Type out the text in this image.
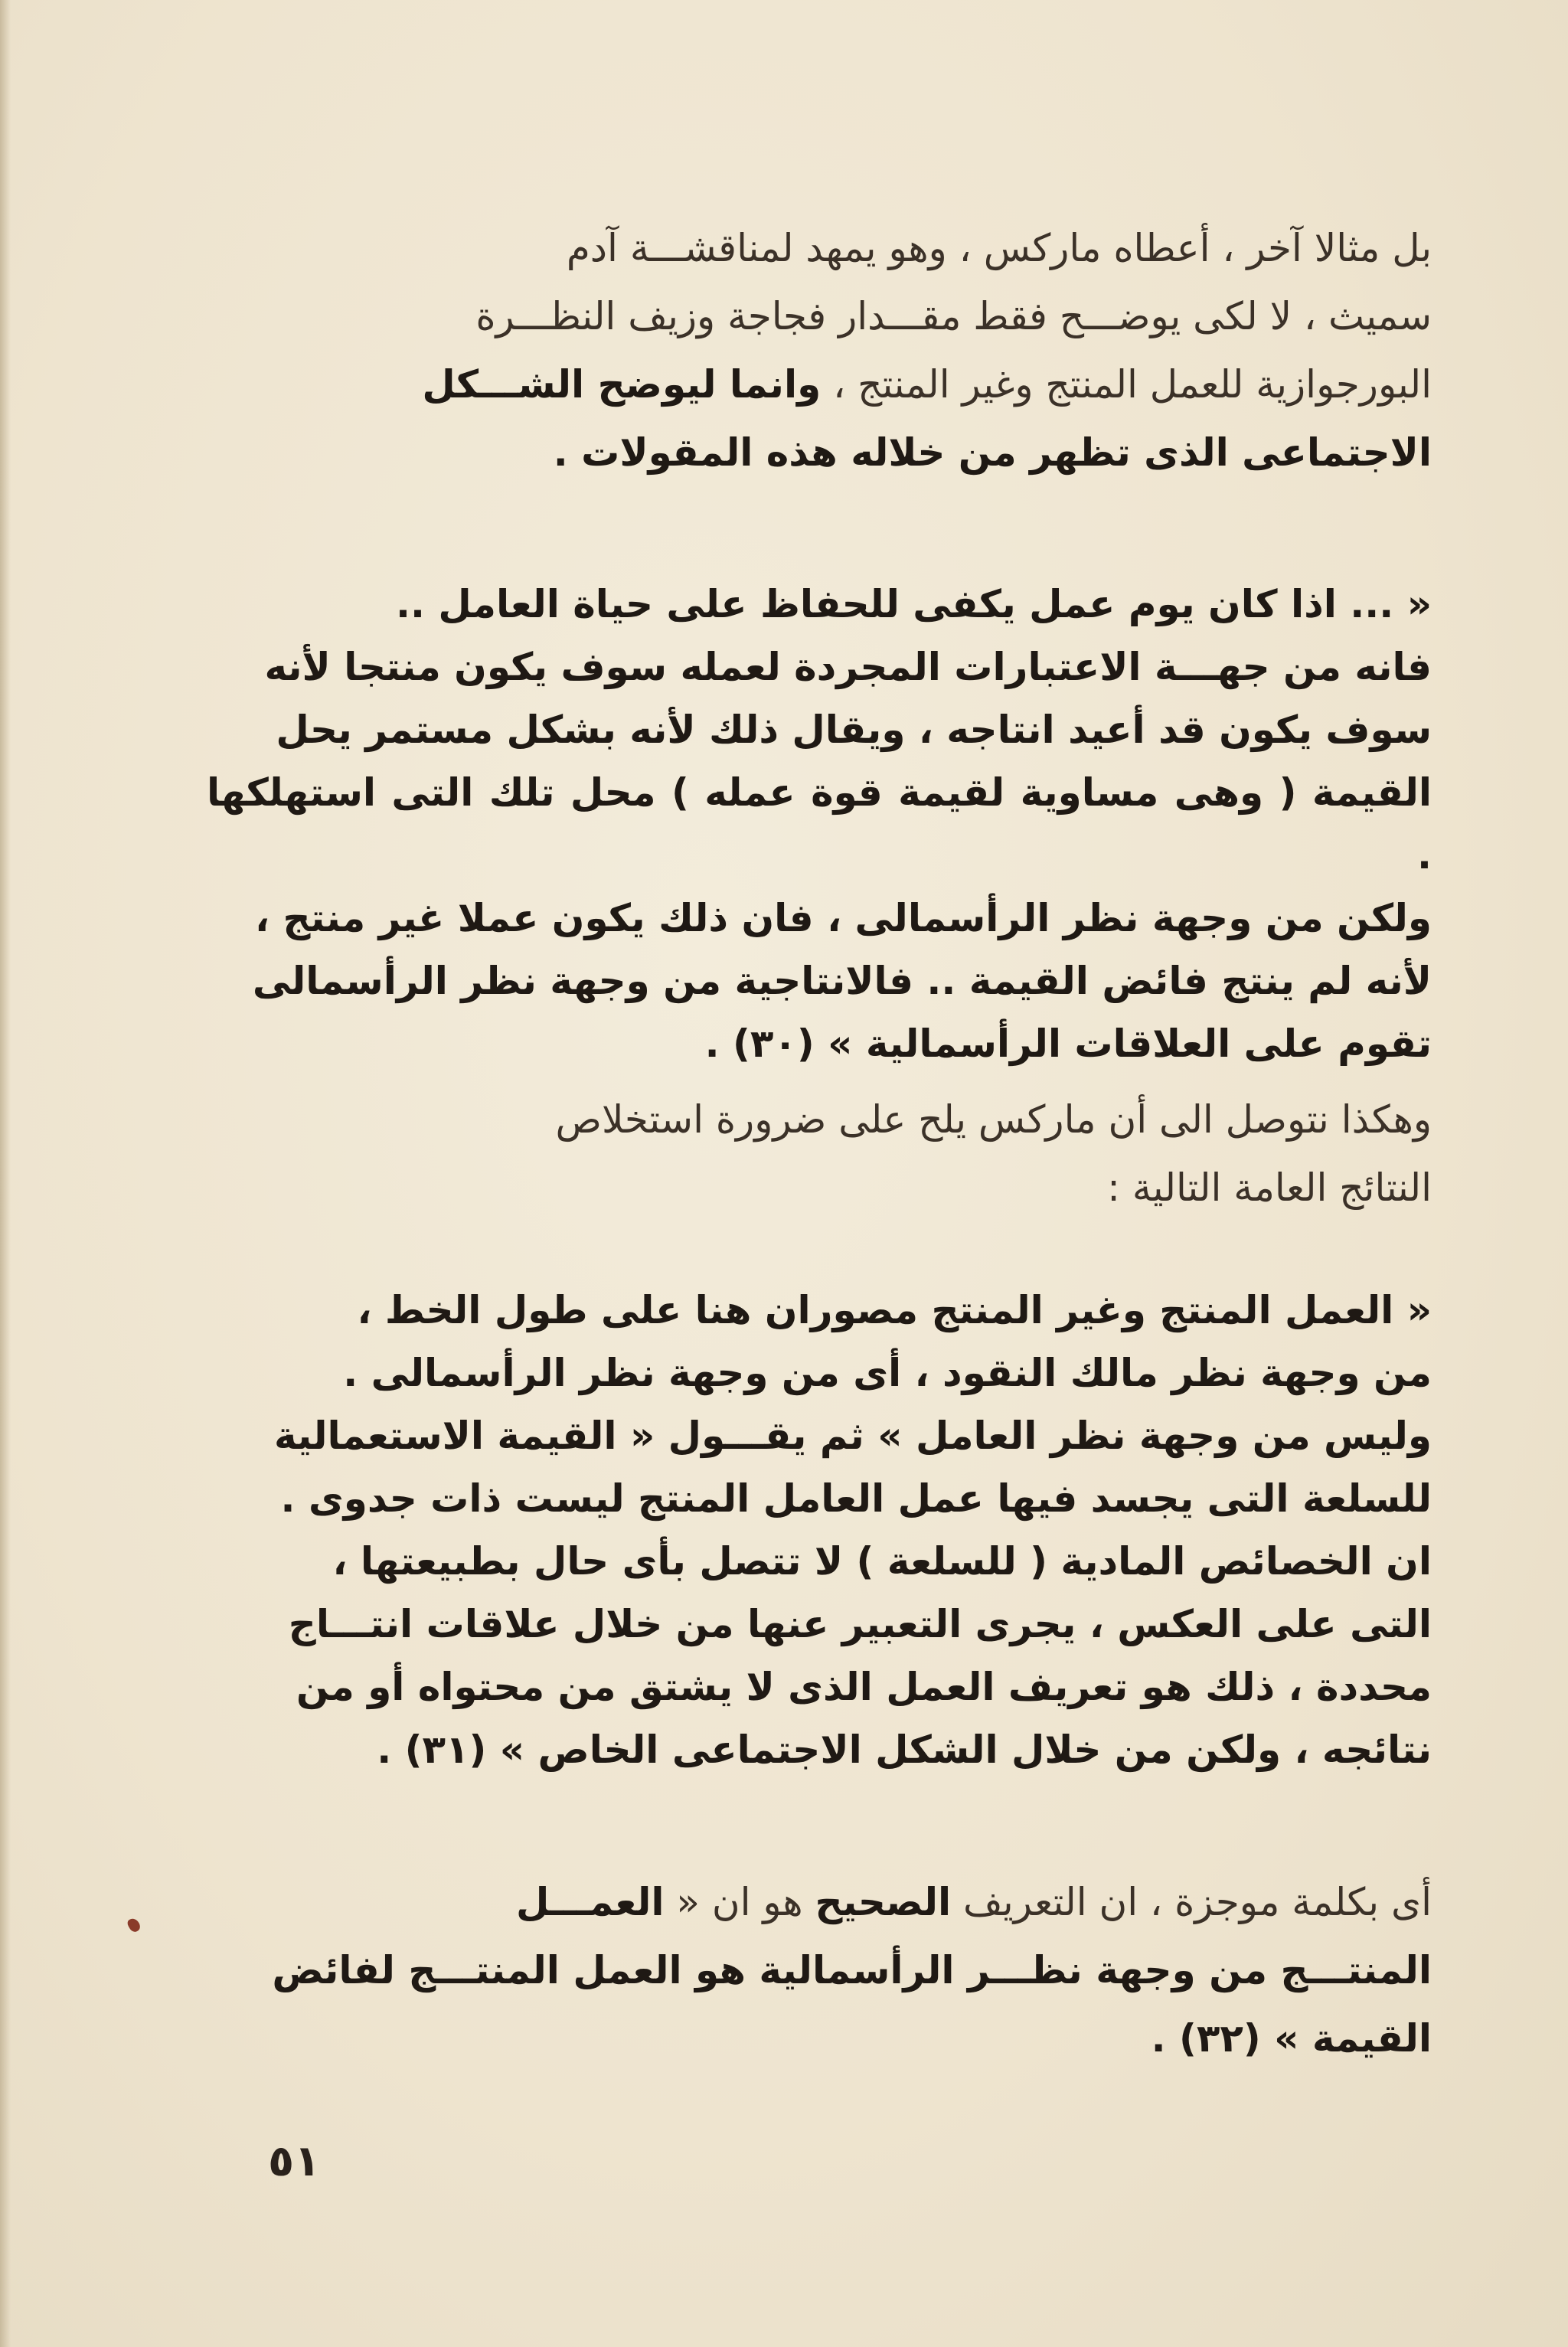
بل مثالا آخر ، أعطاه ماركس ، وهو يمهد لمناقشـــة آدم
سميث ، لا لكى يوضـــح فقط مقـــدار فجاجة وزيف النظـــرة
البورجوازية للعمل المنتج وغير المنتج ، وانما ليوضح الشـــكل
الاجتماعى الذى تظهر من خلاله هذه المقولات .

« ... اذا كان يوم عمل يكفى للحفاظ على حياة العامل ..
فانه من جهـــة الاعتبارات المجردة لعمله سوف يكون منتجا لأنه
سوف يكون قد أعيد انتاجه ، ويقال ذلك لأنه بشكل مستمر يحل
القيمة ( وهى مساوية لقيمة قوة عمله ) محل تلك التى استهلكها .
ولكن من وجهة نظر الرأسمالى ، فان ذلك يكون عملا غير منتج ،
لأنه لم ينتج فائض القيمة .. فالانتاجية من وجهة نظر الرأسمالى
تقوم على العلاقات الرأسمالية » (٣٠) .

وهكذا نتوصل الى أن ماركس يلح على ضرورة استخلاص
النتائج العامة التالية :

« العمل المنتج وغير المنتج مصوران هنا على طول الخط ،
من وجهة نظر مالك النقود ، أى من وجهة نظر الرأسمالى .
وليس من وجهة نظر العامل » ثم يقـــول « القيمة الاستعمالية
للسلعة التى يجسد فيها عمل العامل المنتج ليست ذات جدوى .
ان الخصائص المادية ( للسلعة ) لا تتصل بأى حال بطبيعتها ،
التى على العكس ، يجرى التعبير عنها من خلال علاقات انتـــاج
محددة ، ذلك هو تعريف العمل الذى لا يشتق من محتواه أو من
نتائجه ، ولكن من خلال الشكل الاجتماعى الخاص » (٣١) .

أى بكلمة موجزة ، ان التعريف الصحيح هو ان « العمـــل
المنتـــج من وجهة نظـــر الرأسمالية هو العمل المنتـــج لفائض
القيمة » (٣٢) .

٥١
